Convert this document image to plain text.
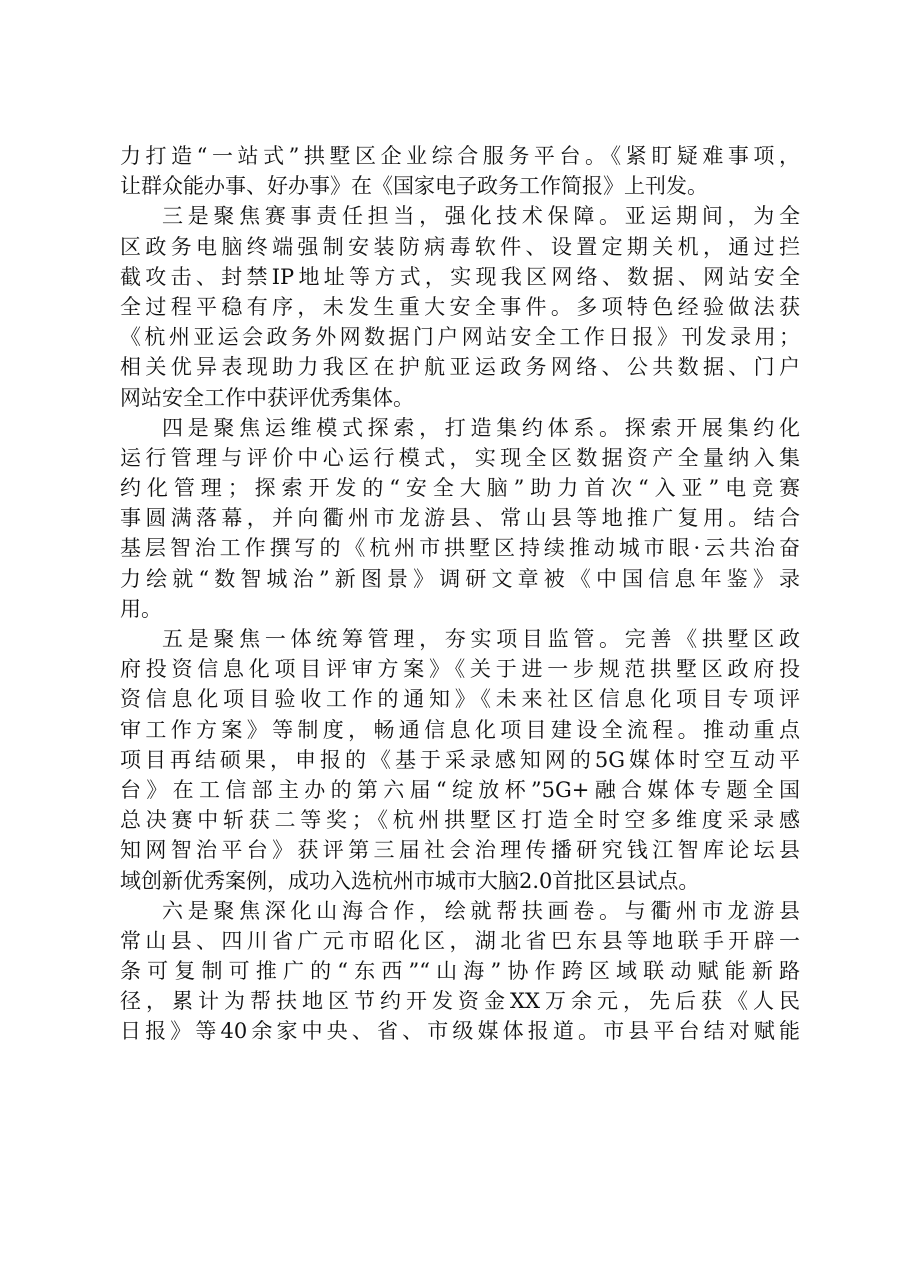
力打造“一站式”拱墅区企业综合服务平台。《紧盯疑难事项，
让群众能办事、好办事》在《国家电子政务工作简报》上刊发。
三是聚焦赛事责任担当，强化技术保障。亚运期间，为全
区政务电脑终端强制安装防病毒软件、设置定期关机，通过拦
截攻击、封禁IP地址等方式，实现我区网络、数据、网站安全
全过程平稳有序，未发生重大安全事件。多项特色经验做法获
《杭州亚运会政务外网数据门户网站安全工作日报》刊发录用；
相关优异表现助力我区在护航亚运政务网络、公共数据、门户
网站安全工作中获评优秀集体。
四是聚焦运维模式探索，打造集约体系。探索开展集约化
运行管理与评价中心运行模式，实现全区数据资产全量纳入集
约化管理；探索开发的“安全大脑”助力首次“入亚”电竞赛
事圆满落幕，并向衢州市龙游县、常山县等地推广复用。结合
基层智治工作撰写的《杭州市拱墅区持续推动城市眼·云共治奋
力绘就“数智城治”新图景》调研文章被《中国信息年鉴》录
用。
五是聚焦一体统筹管理，夯实项目监管。完善《拱墅区政
府投资信息化项目评审方案》《关于进一步规范拱墅区政府投
资信息化项目验收工作的通知》《未来社区信息化项目专项评
审工作方案》等制度，畅通信息化项目建设全流程。推动重点
项目再结硕果，申报的《基于采录感知网的5G媒体时空互动平
台》在工信部主办的第六届“绽放杯”5G+融合媒体专题全国
总决赛中斩获二等奖；《杭州拱墅区打造全时空多维度采录感
知网智治平台》获评第三届社会治理传播研究钱江智库论坛县
域创新优秀案例，成功入选杭州市城市大脑2.0首批区县试点。
六是聚焦深化山海合作，绘就帮扶画卷。与衢州市龙游县
常山县、四川省广元市昭化区，湖北省巴东县等地联手开辟一
条可复制可推广的“东西”“山海”协作跨区域联动赋能新路
径，累计为帮扶地区节约开发资金XX万余元，先后获《人民
日报》等40余家中央、省、市级媒体报道。市县平台结对赋能
